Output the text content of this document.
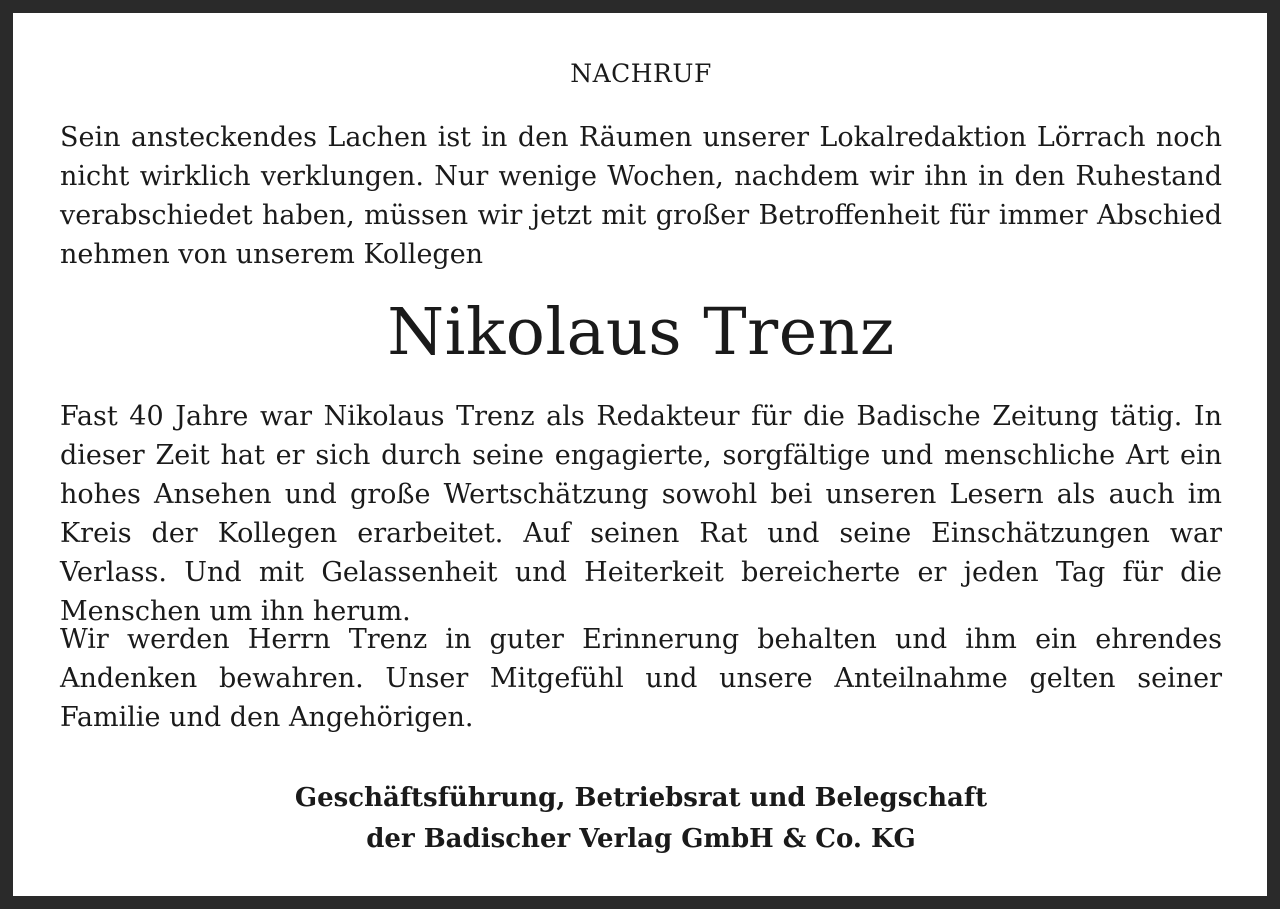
NACHRUF

Sein ansteckendes Lachen ist in den Räumen unserer Lokalredaktion Lörrach noch nicht wirklich verklungen. Nur wenige Wochen, nachdem wir ihn in den Ruhestand verabschiedet haben, müssen wir jetzt mit großer Betroffenheit für immer Abschied nehmen von unserem Kollegen

Nikolaus Trenz

Fast 40 Jahre war Nikolaus Trenz als Redakteur für die Badische Zeitung tätig. In dieser Zeit hat er sich durch seine engagierte, sorgfältige und menschliche Art ein hohes Ansehen und große Wertschätzung sowohl bei unseren Lesern als auch im Kreis der Kollegen erarbeitet. Auf seinen Rat und seine Einschätzungen war Verlass. Und mit Gelassenheit und Heiterkeit bereicherte er jeden Tag für die Menschen um ihn herum.

Wir werden Herrn Trenz in guter Erinnerung behalten und ihm ein ehrendes Andenken bewahren. Unser Mitgefühl und unsere Anteilnahme gelten seiner Familie und den Angehörigen.

Geschäftsführung, Betriebsrat und Belegschaft
der Badischer Verlag GmbH & Co. KG
